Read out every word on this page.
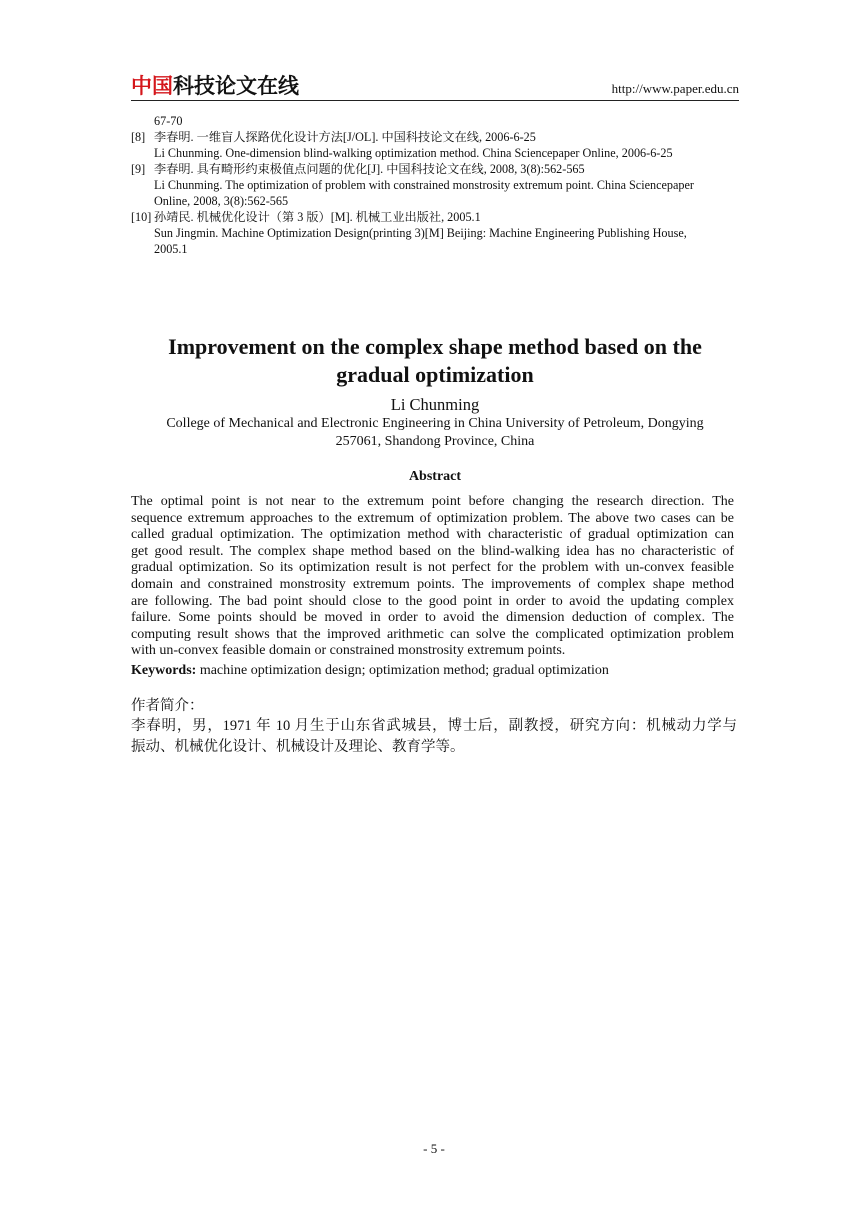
中国科技论文在线	http://www.paper.edu.cn
67-70
[8] 李春明. 一维盲人探路优化设计方法[J/OL]. 中国科技论文在线, 2006-6-25
Li Chunming. One-dimension blind-walking optimization method. China Sciencepaper Online, 2006-6-25
[9] 李春明. 具有畸形约束极值点问题的优化[J]. 中国科技论文在线, 2008, 3(8):562-565
Li Chunming. The optimization of problem with constrained monstrosity extremum point. China Sciencepaper
Online, 2008, 3(8):562-565
[10] 孙靖民. 机械优化设计（第 3 版）[M]. 机械工业出版社, 2005.1
Sun Jingmin. Machine Optimization Design(printing 3)[M] Beijing: Machine Engineering Publishing House,
2005.1
Improvement on the complex shape method based on the
gradual optimization
Li Chunming
College of Mechanical and Electronic Engineering in China University of Petroleum, Dongying
257061, Shandong Province, China
Abstract
The optimal point is not near to the extremum point before changing the research direction. The
sequence extremum approaches to the extremum of optimization problem. The above two cases can be
called gradual optimization. The optimization method with characteristic of gradual optimization can
get good result. The complex shape method based on the blind-walking idea has no characteristic of
gradual optimization. So its optimization result is not perfect for the problem with un-convex feasible
domain and constrained monstrosity extremum points. The improvements of complex shape method
are following. The bad point should close to the good point in order to avoid the updating complex
failure. Some points should be moved in order to avoid the dimension deduction of complex. The
computing result shows that the improved arithmetic can solve the complicated optimization problem
with un-convex feasible domain or constrained monstrosity extremum points.
Keywords: machine optimization design; optimization method; gradual optimization
作者简介：
李春明，男，1971 年 10 月生于山东省武城县，博士后，副教授，研究方向：机械动力学与
振动、机械优化设计、机械设计及理论、教育学等。
- 5 -
